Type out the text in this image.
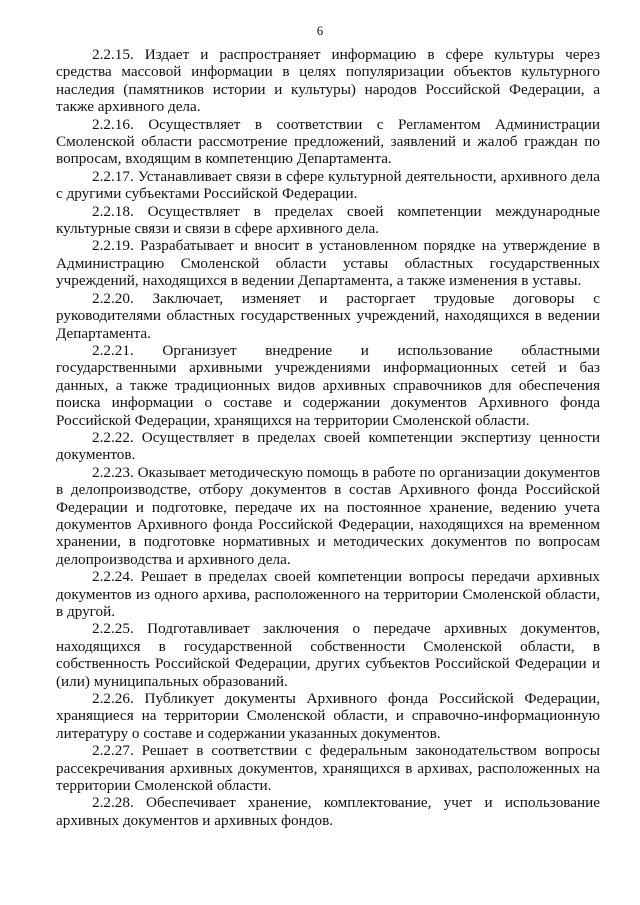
6

2.2.15. Издает и распространяет информацию в сфере культуры через средства массовой информации в целях популяризации объектов культурного наследия (памятников истории и культуры) народов Российской Федерации, а также архивного дела.

2.2.16. Осуществляет в соответствии с Регламентом Администрации Смоленской области рассмотрение предложений, заявлений и жалоб граждан по вопросам, входящим в компетенцию Департамента.

2.2.17. Устанавливает связи в сфере культурной деятельности, архивного дела с другими субъектами Российской Федерации.

2.2.18. Осуществляет в пределах своей компетенции международные культурные связи и связи в сфере архивного дела.

2.2.19. Разрабатывает и вносит в установленном порядке на утверждение в Администрацию Смоленской области уставы областных государственных учреждений, находящихся в ведении Департамента, а также изменения в уставы.

2.2.20. Заключает, изменяет и расторгает трудовые договоры с руководителями областных государственных учреждений, находящихся в ведении Департамента.

2.2.21. Организует внедрение и использование областными государственными архивными учреждениями информационных сетей и баз данных, а также традиционных видов архивных справочников для обеспечения поиска информации о составе и содержании документов Архивного фонда Российской Федерации, хранящихся на территории Смоленской области.

2.2.22. Осуществляет в пределах своей компетенции экспертизу ценности документов.

2.2.23. Оказывает методическую помощь в работе по организации документов в делопроизводстве, отбору документов в состав Архивного фонда Российской Федерации и подготовке, передаче их на постоянное хранение, ведению учета документов Архивного фонда Российской Федерации, находящихся на временном хранении, в подготовке нормативных и методических документов по вопросам делопроизводства и архивного дела.

2.2.24. Решает в пределах своей компетенции вопросы передачи архивных документов из одного архива, расположенного на территории Смоленской области, в другой.

2.2.25. Подготавливает заключения о передаче архивных документов, находящихся в государственной собственности Смоленской области, в собственность Российской Федерации, других субъектов Российской Федерации и (или) муниципальных образований.

2.2.26. Публикует документы Архивного фонда Российской Федерации, хранящиеся на территории Смоленской области, и справочно-информационную литературу о составе и содержании указанных документов.

2.2.27. Решает в соответствии с федеральным законодательством вопросы рассекречивания архивных документов, хранящихся в архивах, расположенных на территории Смоленской области.

2.2.28. Обеспечивает хранение, комплектование, учет и использование архивных документов и архивных фондов.
